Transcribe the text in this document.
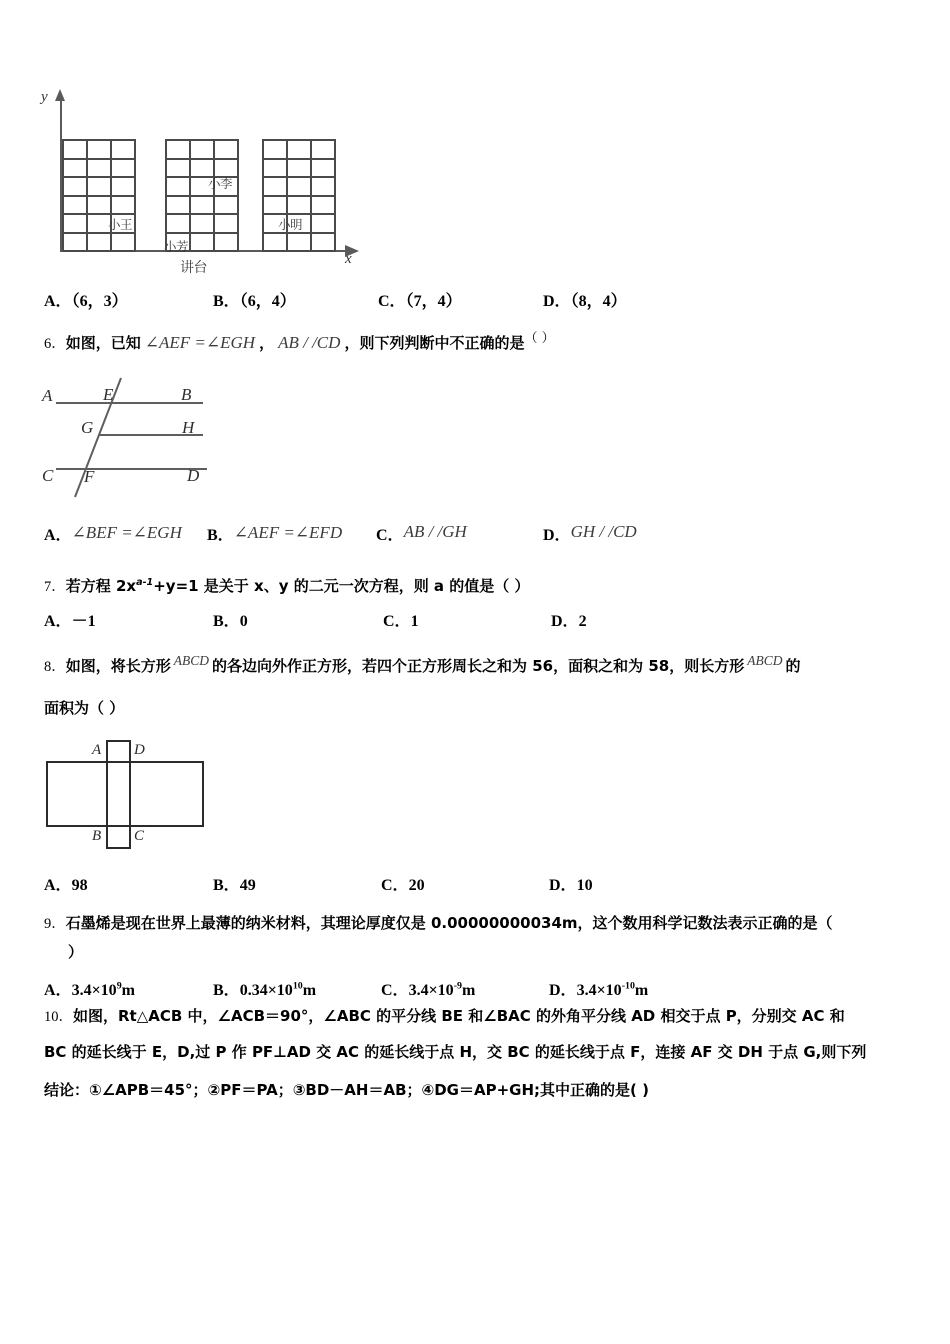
y
x
小王
小李
小芳
小明
讲台
A．（6，3）	B．（6，4）	C．（7，4）	D．（8，4）
6．如图，已知 ∠AEF =∠EGH ， AB / /CD ，则下列判断中不正确的是（ ）
A	E	B
G	H
C F	D
A．∠BEF =∠EGH B．∠AEF =∠EFD C．AB / /GH	D．GH / /CD
7．若方程 $2x^{a-1}+y=1$ 是关于 x、y 的二元一次方程，则 a 的值是（ ）
A．－1	B．0	C．1	D．2
8．如图，将长方形 ABCD 的各边向外作正方形，若四个正方形周长之和为 56，面积之和为 58，则长方形 ABCD 的
面积为（ ）
A D
B C
A．98	B．49	C．20	D．10
9．石墨烯是现在世界上最薄的纳米材料，其理论厚度仅是 0.00000000034m，这个数用科学记数法表示正确的是（
）
A．$3.4\times 10^9m$	B．$0.34\times 10^{10}m$	C．$3.4\times 10^{-9}m$	D．$3.4\times 10^{-10}m$
10．如图，Rt△ACB 中，∠ACB＝90°，∠ABC 的平分线 BE 和∠BAC 的外角平分线 AD 相交于点 P，分别交 AC 和
BC 的延长线于 E，D,过 P 作 PF⊥AD 交 AC 的延长线于点 H，交 BC 的延长线于点 F，连接 AF 交 DH 于点 G,则下列
结论：①∠APB＝45°；②PF＝PA；③BD－AH＝AB；④DG＝AP+GH;其中正确的是( )
